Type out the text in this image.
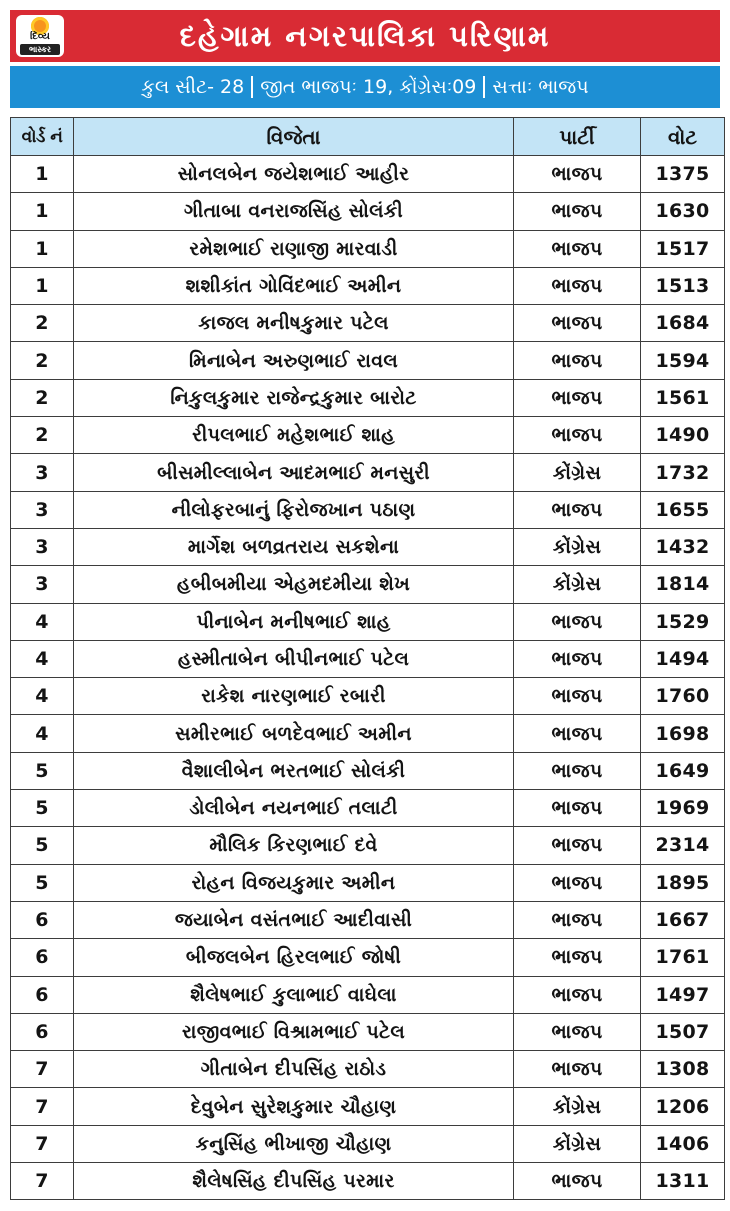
દિવ્ય
ભાસ્કર	દહેગામ નગરપાલિકા પરિણામ
કુલ સીટ- 28 જીત ભાજપઃ 19, કોંગ્રેસઃ09 સત્તાઃ ભાજપ
વોર્ડ નં	વિજેતા	પાર્ટી	વોટ
1	સોનલબેન જયેશભાઈ આહીર	ભાજપ	1375
1	ગીતાબા વનરાજસિંહ સોલંકી	ભાજપ	1630
1	રમેશભાઈ રાણાજી મારવાડી	ભાજપ	1517
1	શશીકાંત ગોવિંદભાઈ અમીન	ભાજપ	1513
2	કાજલ મનીષકુમાર પટેલ	ભાજપ	1684
2	મિનાબેન અરુણભાઈ રાવલ	ભાજપ	1594
2	નિકુલકુમાર રાજેન્દ્રકુમાર બારોટ	ભાજપ	1561
2	રીપલભાઈ મહેશભાઈ શાહ	ભાજપ	1490
3	બીસમીલ્લાબેન આદમભાઈ મનસુરી	કોંગ્રેસ	1732
3	નીલોફરબાનું ફિરોજખાન પઠાણ	ભાજપ	1655
3	માર્ગેશ બળવ્રતરાય સકશેના	કોંગ્રેસ	1432
3	હબીબમીયા એહમદમીયા શેખ	કોંગ્રેસ	1814
4	પીનાબેન મનીષભાઈ શાહ	ભાજપ	1529
4	હસ્મીતાબેન બીપીનભાઈ પટેલ	ભાજપ	1494
4	રાકેશ નારણભાઈ રબારી	ભાજપ	1760
4	સમીરભાઈ બળદેવભાઈ અમીન	ભાજપ	1698
5	વૈશાલીબેન ભરતભાઈ સોલંકી	ભાજપ	1649
5	ડોલીબેન નયનભાઈ તલાટી	ભાજપ	1969
5	મૌલિક કિરણભાઈ દવે	ભાજપ	2314
5	રોહન વિજયકુમાર અમીન	ભાજપ	1895
6	જયાબેન વસંતભાઈ આદીવાસી	ભાજપ	1667
6	બીજલબેન હિરલભાઈ જોષી	ભાજપ	1761
6	શૈલેષભાઈ કુલાભાઈ વાઘેલા	ભાજપ	1497
6	રાજીવભાઈ વિશ્રામભાઈ પટેલ	ભાજપ	1507
7	ગીતાબેન દીપસિંહ રાઠોડ	ભાજપ	1308
7	દેવુબેન સુરેશકુમાર ચૌહાણ	કોંગ્રેસ	1206
7	કનુસિંહ ભીખાજી ચૌહાણ	કોંગ્રેસ	1406
7	શૈલેષસિંહ દીપસિંહ પરમાર	ભાજપ	1311
